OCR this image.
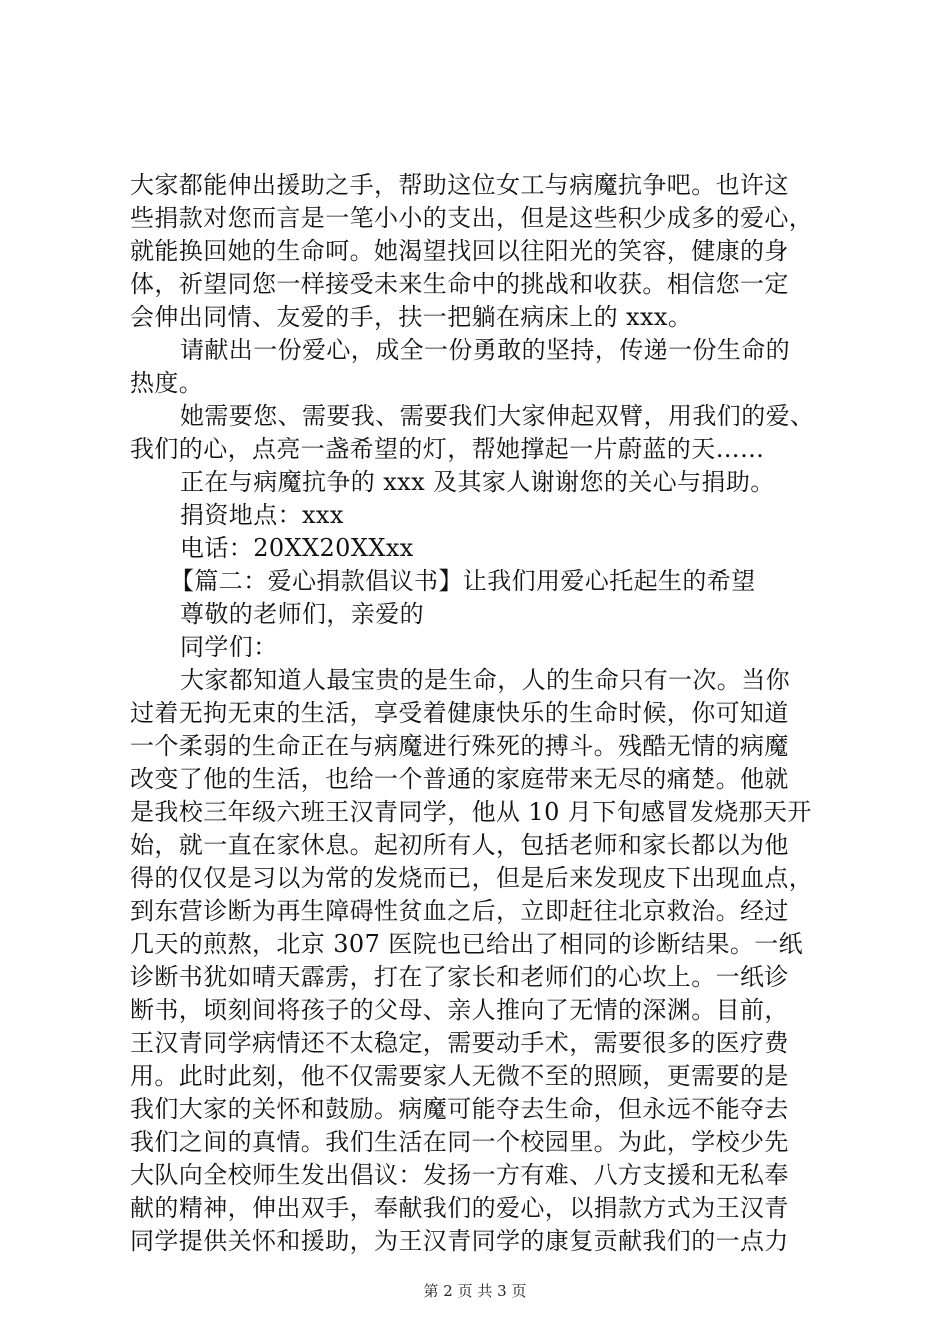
大家都能伸出援助之手，帮助这位女工与病魔抗争吧。也许这
些捐款对您而言是一笔小小的支出，但是这些积少成多的爱心，
就能换回她的生命呵。她渴望找回以往阳光的笑容，健康的身
体，祈望同您一样接受未来生命中的挑战和收获。相信您一定
会伸出同情、友爱的手，扶一把躺在病床上的 xxx。
请献出一份爱心，成全一份勇敢的坚持，传递一份生命的
热度。
她需要您、需要我、需要我们大家伸起双臂，用我们的爱、
我们的心，点亮一盏希望的灯，帮她撑起一片蔚蓝的天……
正在与病魔抗争的 xxx 及其家人谢谢您的关心与捐助。
捐资地点：xxx
电话：20XX20XXxx
【篇二：爱心捐款倡议书】让我们用爱心托起生的希望
尊敬的老师们，亲爱的
同学们：
大家都知道人最宝贵的是生命，人的生命只有一次。当你
过着无拘无束的生活，享受着健康快乐的生命时候，你可知道
一个柔弱的生命正在与病魔进行殊死的搏斗。残酷无情的病魔
改变了他的生活，也给一个普通的家庭带来无尽的痛楚。他就
是我校三年级六班王汉青同学，他从 10 月下旬感冒发烧那天开
始，就一直在家休息。起初所有人，包括老师和家长都以为他
得的仅仅是习以为常的发烧而已，但是后来发现皮下出现血点，
到东营诊断为再生障碍性贫血之后，立即赶往北京救治。经过
几天的煎熬，北京 307 医院也已给出了相同的诊断结果。一纸
诊断书犹如晴天霹雳，打在了家长和老师们的心坎上。一纸诊
断书，顷刻间将孩子的父母、亲人推向了无情的深渊。目前，
王汉青同学病情还不太稳定，需要动手术，需要很多的医疗费
用。此时此刻，他不仅需要家人无微不至的照顾，更需要的是
我们大家的关怀和鼓励。病魔可能夺去生命，但永远不能夺去
我们之间的真情。我们生活在同一个校园里。为此，学校少先
大队向全校师生发出倡议：发扬一方有难、八方支援和无私奉
献的精神，伸出双手，奉献我们的爱心，以捐款方式为王汉青
同学提供关怀和援助，为王汉青同学的康复贡献我们的一点力
第 2 页 共 3 页
